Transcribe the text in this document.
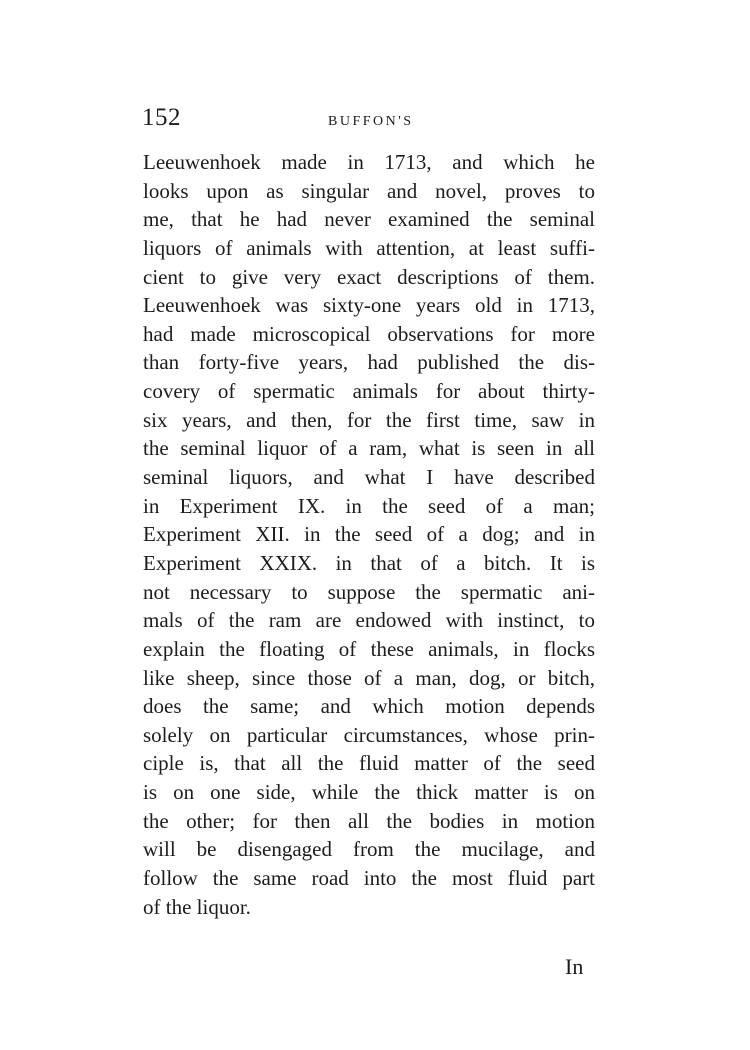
152	BUFFON'S
Leeuwenhoek made in 1713, and which he
looks upon as singular and novel, proves to
me, that he had never examined the seminal
liquors of animals with attention, at least suffi-
cient to give very exact descriptions of them.
Leeuwenhoek was sixty-one years old in 1713,
had made microscopical observations for more
than forty-five years, had published the dis-
covery of spermatic animals for about thirty-
six years, and then, for the first time, saw in
the seminal liquor of a ram, what is seen in all
seminal liquors, and what I have described
in Experiment IX. in the seed of a man;
Experiment XII. in the seed of a dog; and in
Experiment XXIX. in that of a bitch. It is
not necessary to suppose the spermatic ani-
mals of the ram are endowed with instinct, to
explain the floating of these animals, in flocks
like sheep, since those of a man, dog, or bitch,
does the same; and which motion depends
solely on particular circumstances, whose prin-
ciple is, that all the fluid matter of the seed
is on one side, while the thick matter is on
the other; for then all the bodies in motion
will be disengaged from the mucilage, and
follow the same road into the most fluid part
of the liquor.
In
